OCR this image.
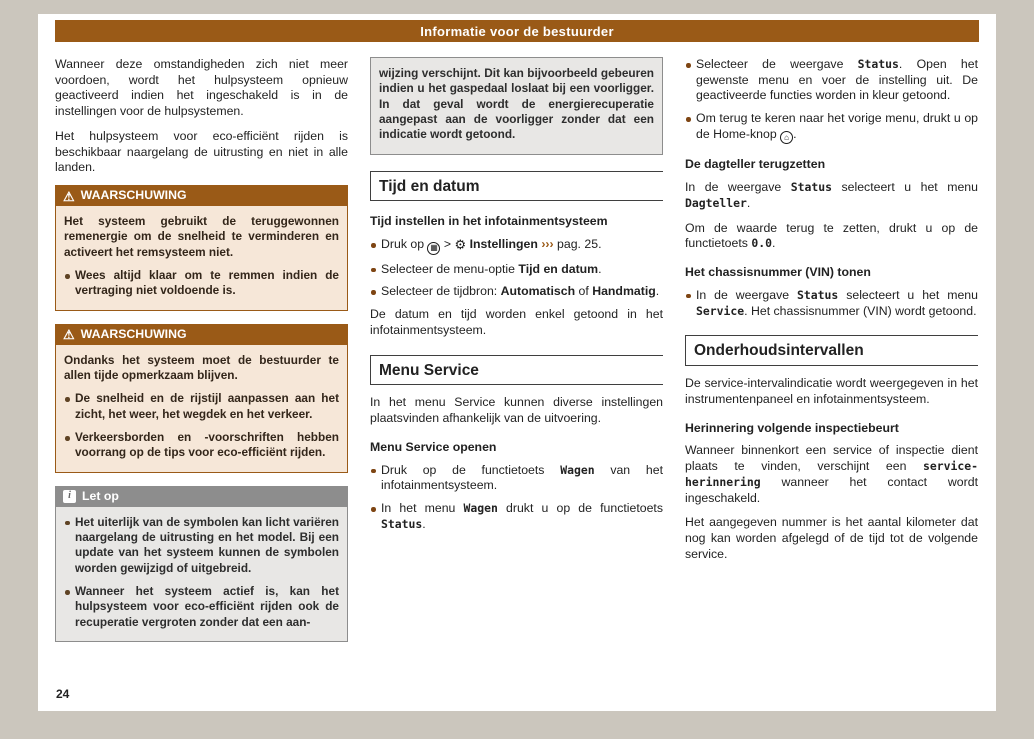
Informatie voor de bestuurder
Wanneer deze omstandigheden zich niet meer voordoen, wordt het hulpsysteem opnieuw geactiveerd indien het ingeschakeld is in de instellingen voor de hulpsystemen.
Het hulpsysteem voor eco-efficiënt rijden is beschikbaar naargelang de uitrusting en niet in alle landen.
⚠ WAARSCHUWING
Het systeem gebruikt de teruggewonnen remenergie om de snelheid te verminderen en activeert het remsysteem niet.
Wees altijd klaar om te remmen indien de vertraging niet voldoende is.
⚠ WAARSCHUWING
Ondanks het systeem moet de bestuurder te allen tijde opmerkzaam blijven.
De snelheid en de rijstijl aanpassen aan het zicht, het weer, het wegdek en het verkeer.
Verkeersborden en -voorschriften hebben voorrang op de tips voor eco-efficiënt rijden.
i Let op
Het uiterlijk van de symbolen kan licht variëren naargelang de uitrusting en het model. Bij een update van het systeem kunnen de symbolen worden gewijzigd of uitgebreid.
Wanneer het systeem actief is, kan het hulpsysteem voor eco-efficiënt rijden ook de recuperatie vergroten zonder dat een aan-
wijzing verschijnt. Dit kan bijvoorbeeld gebeuren indien u het gaspedaal loslaat bij een voorligger. In dat geval wordt de energierecuperatie aangepast aan de voorligger zonder dat een indicatie wordt getoond.
Tijd en datum
Tijd instellen in het infotainmentsysteem
Druk op ▦ > ⚙ Instellingen ››› pag. 25.
Selecteer de menu-optie Tijd en datum.
Selecteer de tijdbron: Automatisch of Handmatig.
De datum en tijd worden enkel getoond in het infotainmentsysteem.
Menu Service
In het menu Service kunnen diverse instellingen plaatsvinden afhankelijk van de uitvoering.
Menu Service openen
Druk op de functietoets Wagen van het infotainmentsysteem.
In het menu Wagen drukt u op de functietoets Status.
Selecteer de weergave Status. Open het gewenste menu en voer de instelling uit. De geactiveerde functies worden in kleur getoond.
Om terug te keren naar het vorige menu, drukt u op de Home-knop ⌂ .
De dagteller terugzetten
In de weergave Status selecteert u het menu Dagteller.
Om de waarde terug te zetten, drukt u op de functietoets 0.0.
Het chassisnummer (VIN) tonen
In de weergave Status selecteert u het menu Service. Het chassisnummer (VIN) wordt getoond.
Onderhoudsintervallen
De service-intervalindicatie wordt weergegeven in het instrumentenpaneel en infotainmentsysteem.
Herinnering volgende inspectiebeurt
Wanneer binnenkort een service of inspectie dient plaats te vinden, verschijnt een service-herinnering wanneer het contact wordt ingeschakeld.
Het aangegeven nummer is het aantal kilometer dat nog kan worden afgelegd of de tijd tot de volgende service.
24
